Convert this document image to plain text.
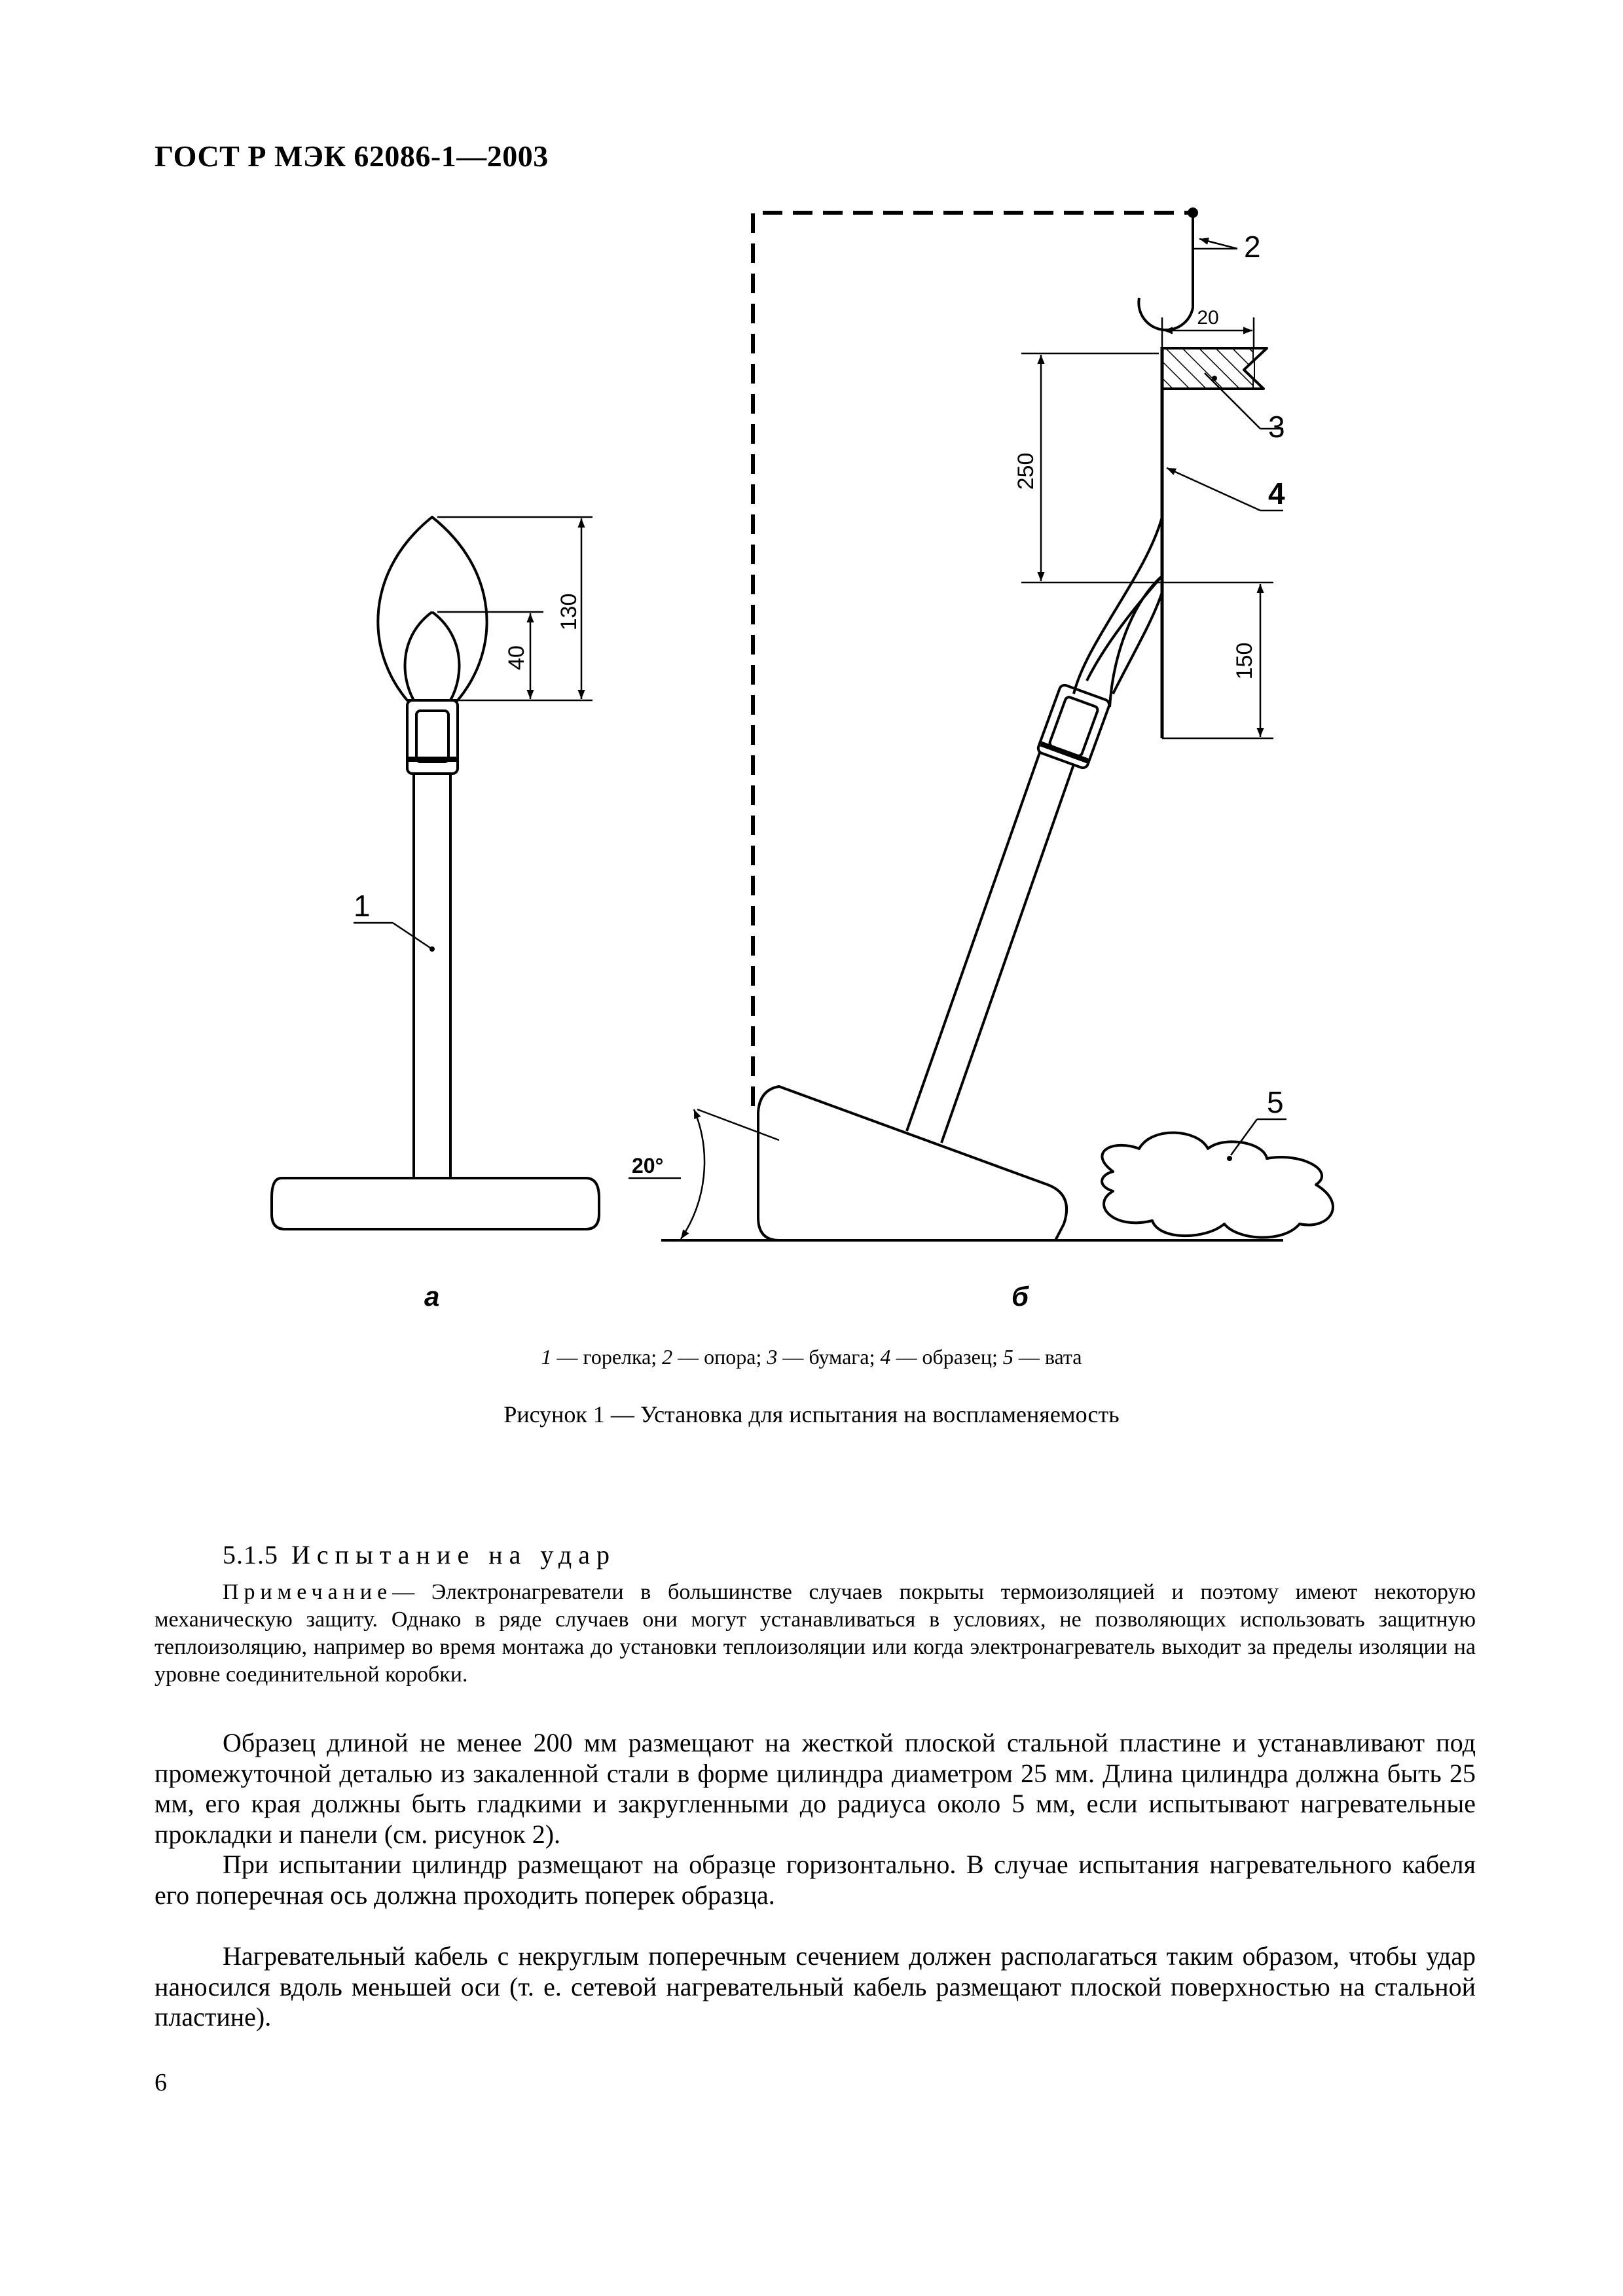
ГОСТ Р МЭК 62086-1—2003
130
40
1
а
2
20
3
4
250
150
5
20°
б
1 — горелка; 2 — опора; 3 — бумага; 4 — образец; 5 — вата
Рисунок 1 — Установка для испытания на воспламеняемость
5.1.5 Испытание на удар
Примечание— Электронагреватели в большинстве случаев покрыты термоизоляцией и поэтому имеют некоторую механическую защиту. Однако в ряде случаев они могут устанавливаться в условиях, не позволяющих использовать защитную теплоизоляцию, например во время монтажа до установки теплоизоляции или когда электронагреватель выходит за пределы изоляции на уровне соединительной коробки.
Образец длиной не менее 200 мм размещают на жесткой плоской стальной пластине и устанавливают под промежуточной деталью из закаленной стали в форме цилиндра диаметром 25 мм. Длина цилиндра должна быть 25 мм, его края должны быть гладкими и закругленными до радиуса около 5 мм, если испытывают нагревательные прокладки и панели (см. рисунок 2).
При испытании цилиндр размещают на образце горизонтально. В случае испытания нагревательного кабеля его поперечная ось должна проходить поперек образца.
Нагревательный кабель с некруглым поперечным сечением должен располагаться таким образом, чтобы удар наносился вдоль меньшей оси (т. е. сетевой нагревательный кабель размещают плоской поверхностью на стальной пластине).
6
